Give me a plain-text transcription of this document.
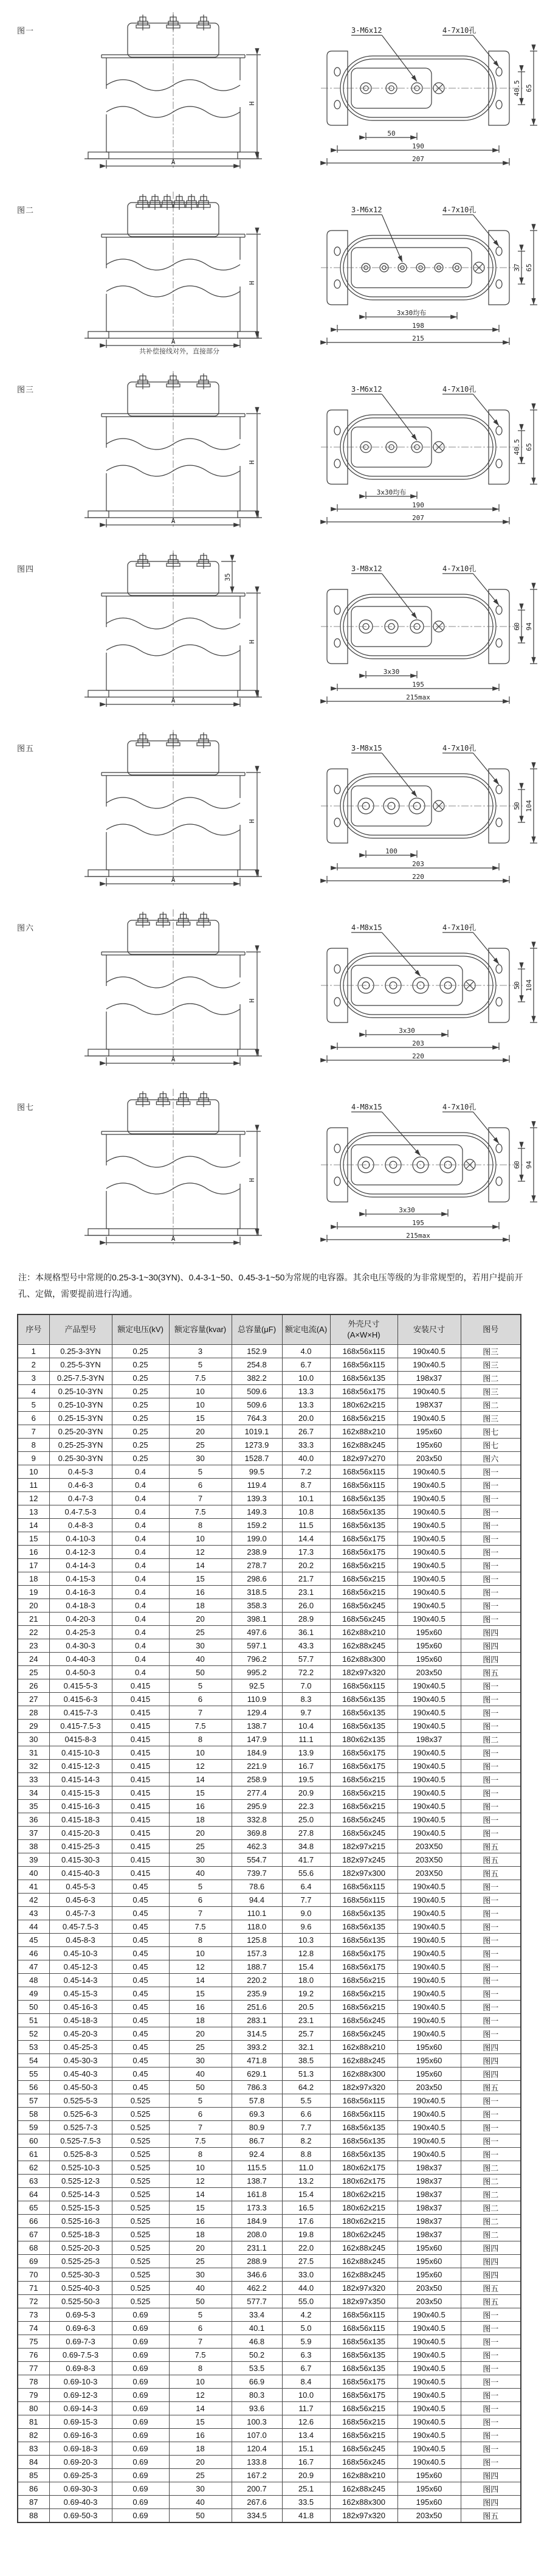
图一
A
H
3-M6x12	4-7x10孔
50
190
207
40.5 65
图二
A
H
3-M6x12	4-7x10孔
3x30均布
198
215
37 65
共补偿接线对外，直接部分
图三
A
H
3-M6x12	4-7x10孔
3x30均布
190
207
40.5 65
图四
A
H
35
3-M8x12	4-7x10孔
3x30
195
215max
60 94
图五
A
H
3-M8x15	4-7x10孔
100
203
220
50 104
图六
A
H
4-M8x15	4-7x10孔
3x30
203
220
50 104
图七
A
H
4-M8x15	4-7x10孔
3x30
195
215max
60 94

注：本规格型号中常规的0.25-3-1~30(3YN)、0.4-3-1~50、0.45-3-1~50为常规的电容器。其余电压等级的为非常规型的，若用户提前开孔、定做，需要提前进行沟通。

序号	产品型号	额定电压(kV)	额定容量(kvar)	总容量(μF)	额定电流(A)	外壳尺寸
(A×W×H)	安装尺寸	图号
1	0.25-3-3YN	0.25	3	152.9	4.0	168x56x115	190x40.5	图三
2	0.25-5-3YN	0.25	5	254.8	6.7	168x56x115	190x40.5	图三
3	0.25-7.5-3YN	0.25	7.5	382.2	10.0	168x56x135	198x37	图二
4	0.25-10-3YN	0.25	10	509.6	13.3	168x56x175	190x40.5	图三
5	0.25-10-3YN	0.25	10	509.6	13.3	180x62x215	198X37	图二
6	0.25-15-3YN	0.25	15	764.3	20.0	168x56x215	190x40.5	图三
7	0.25-20-3YN	0.25	20	1019.1	26.7	162x88x210	195x60	图七
8	0.25-25-3YN	0.25	25	1273.9	33.3	162x88x245	195x60	图七
9	0.25-30-3YN	0.25	30	1528.7	40.0	182x97x270	203x50	图六
10	0.4-5-3	0.4	5	99.5	7.2	168x56x115	190x40.5	图一
11	0.4-6-3	0.4	6	119.4	8.7	168x56x115	190x40.5	图一
12	0.4-7-3	0.4	7	139.3	10.1	168x56x135	190x40.5	图一
13	0.4-7.5-3	0.4	7.5	149.3	10.8	168x56x135	190x40.5	图一
14	0.4-8-3	0.4	8	159.2	11.5	168x56x135	190x40.5	图一
15	0.4-10-3	0.4	10	199.0	14.4	168x56x175	190x40.5	图一
16	0.4-12-3	0.4	12	238.9	17.3	168x56x175	190x40.5	图一
17	0.4-14-3	0.4	14	278.7	20.2	168x56x215	190x40.5	图一
18	0.4-15-3	0.4	15	298.6	21.7	168x56x215	190x40.5	图一
19	0.4-16-3	0.4	16	318.5	23.1	168x56x215	190x40.5	图一
20	0.4-18-3	0.4	18	358.3	26.0	168x56x245	190x40.5	图一
21	0.4-20-3	0.4	20	398.1	28.9	168x56x245	190x40.5	图一
22	0.4-25-3	0.4	25	497.6	36.1	162x88x210	195x60	图四
23	0.4-30-3	0.4	30	597.1	43.3	162x88x245	195x60	图四
24	0.4-40-3	0.4	40	796.2	57.7	162x88x300	195x60	图四
25	0.4-50-3	0.4	50	995.2	72.2	182x97x320	203x50	图五
26	0.415-5-3	0.415	5	92.5	7.0	168x56x115	190x40.5	图一
27	0.415-6-3	0.415	6	110.9	8.3	168x56x135	190x40.5	图一
28	0.415-7-3	0.415	7	129.4	9.7	168x56x135	190x40.5	图一
29	0.415-7.5-3	0.415	7.5	138.7	10.4	168x56x135	190x40.5	图一
30	0415-8-3	0.415	8	147.9	11.1	180x62x135	198x37	图二
31	0.415-10-3	0.415	10	184.9	13.9	168x56x175	190x40.5	图一
32	0.415-12-3	0.415	12	221.9	16.7	168x56x175	190x40.5	图一
33	0.415-14-3	0.415	14	258.9	19.5	168x56x215	190x40.5	图一
34	0.415-15-3	0.415	15	277.4	20.9	168x56x215	190x40.5	图一
35	0.415-16-3	0.415	16	295.9	22.3	168x56x215	190x40.5	图一
36	0.415-18-3	0.415	18	332.8	25.0	168x56x245	190x40.5	图一
37	0.415-20-3	0.415	20	369.8	27.8	168x56x245	190x40.5	图一
38	0.415-25-3	0.415	25	462.3	34.8	182x97x215	203X50	图五
39	0.415-30-3	0.415	30	554.7	41.7	182x97x245	203X50	图五
40	0.415-40-3	0.415	40	739.7	55.6	182x97x300	203X50	图五
41	0.45-5-3	0.45	5	78.6	6.4	168x56x115	190x40.5	图一
42	0.45-6-3	0.45	6	94.4	7.7	168x56x115	190x40.5	图一
43	0.45-7-3	0.45	7	110.1	9.0	168x56x135	190x40.5	图一
44	0.45-7.5-3	0.45	7.5	118.0	9.6	168x56x135	190x40.5	图一
45	0.45-8-3	0.45	8	125.8	10.3	168x56x135	190x40.5	图一
46	0.45-10-3	0.45	10	157.3	12.8	168x56x175	190x40.5	图一
47	0.45-12-3	0.45	12	188.7	15.4	168x56x175	190x40.5	图一
48	0.45-14-3	0.45	14	220.2	18.0	168x56x215	190x40.5	图一
49	0.45-15-3	0.45	15	235.9	19.2	168x56x215	190x40.5	图一
50	0.45-16-3	0.45	16	251.6	20.5	168x56x215	190x40.5	图一
51	0.45-18-3	0.45	18	283.1	23.1	168x56x245	190x40.5	图一
52	0.45-20-3	0.45	20	314.5	25.7	168x56x245	190x40.5	图一
53	0.45-25-3	0.45	25	393.2	32.1	162x88x210	195x60	图四
54	0.45-30-3	0.45	30	471.8	38.5	162x88x245	195x60	图四
55	0.45-40-3	0.45	40	629.1	51.3	162x88x300	195x60	图四
56	0.45-50-3	0.45	50	786.3	64.2	182x97x320	203x50	图五
57	0.525-5-3	0.525	5	57.8	5.5	168x56x115	190x40.5	图一
58	0.525-6-3	0.525	6	69.3	6.6	168x56x115	190x40.5	图一
59	0.525-7-3	0.525	7	80.9	7.7	168x56x135	190x40.5	图一
60	0.525-7.5-3	0.525	7.5	86.7	8.2	168x56x135	190x40.5	图一
61	0.525-8-3	0.525	8	92.4	8.8	168x56x135	190x40.5	图一
62	0.525-10-3	0.525	10	115.5	11.0	180x62x175	198x37	图二
63	0.525-12-3	0.525	12	138.7	13.2	180x62x175	198x37	图二
64	0.525-14-3	0.525	14	161.8	15.4	180x62x215	198x37	图二
65	0.525-15-3	0.525	15	173.3	16.5	180x62x215	198x37	图二
66	0.525-16-3	0.525	16	184.9	17.6	180x62x215	198x37	图二
67	0.525-18-3	0.525	18	208.0	19.8	180x62x245	198x37	图二
68	0.525-20-3	0.525	20	231.1	22.0	162x88x245	195x60	图四
69	0.525-25-3	0.525	25	288.9	27.5	162x88x245	195x60	图四
70	0.525-30-3	0.525	30	346.6	33.0	162x88x245	195x60	图四
71	0.525-40-3	0.525	40	462.2	44.0	182x97x320	203x50	图五
72	0.525-50-3	0.525	50	577.7	55.0	182x97x350	203x50	图五
73	0.69-5-3	0.69	5	33.4	4.2	168x56x115	190x40.5	图一
74	0.69-6-3	0.69	6	40.1	5.0	168x56x115	190x40.5	图一
75	0.69-7-3	0.69	7	46.8	5.9	168x56x135	190x40.5	图一
76	0.69-7.5-3	0.69	7.5	50.2	6.3	168x56x135	190x40.5	图一
77	0.69-8-3	0.69	8	53.5	6.7	168x56x135	190x40.5	图一
78	0.69-10-3	0.69	10	66.9	8.4	168x56x175	190x40.5	图一
79	0.69-12-3	0.69	12	80.3	10.0	168x56x175	190x40.5	图一
80	0.69-14-3	0.69	14	93.6	11.7	168x56x215	190x40.5	图一
81	0.69-15-3	0.69	15	100.3	12.6	168x56x215	190x40.5	图一
82	0.69-16-3	0.69	16	107.0	13.4	168x56x215	190x40.5	图一
83	0.69-18-3	0.69	18	120.4	15.1	168x56x245	190x40.5	图一
84	0.69-20-3	0.69	20	133.8	16.7	168x56x245	190x40.5	图一
85	0.69-25-3	0.69	25	167.2	20.9	162x88x210	195x60	图四
86	0.69-30-3	0.69	30	200.7	25.1	162x88x245	195x60	图四
87	0.69-40-3	0.69	40	267.6	33.5	162x88x300	195x60	图四
88	0.69-50-3	0.69	50	334.5	41.8	182x97x320	203x50	图五
